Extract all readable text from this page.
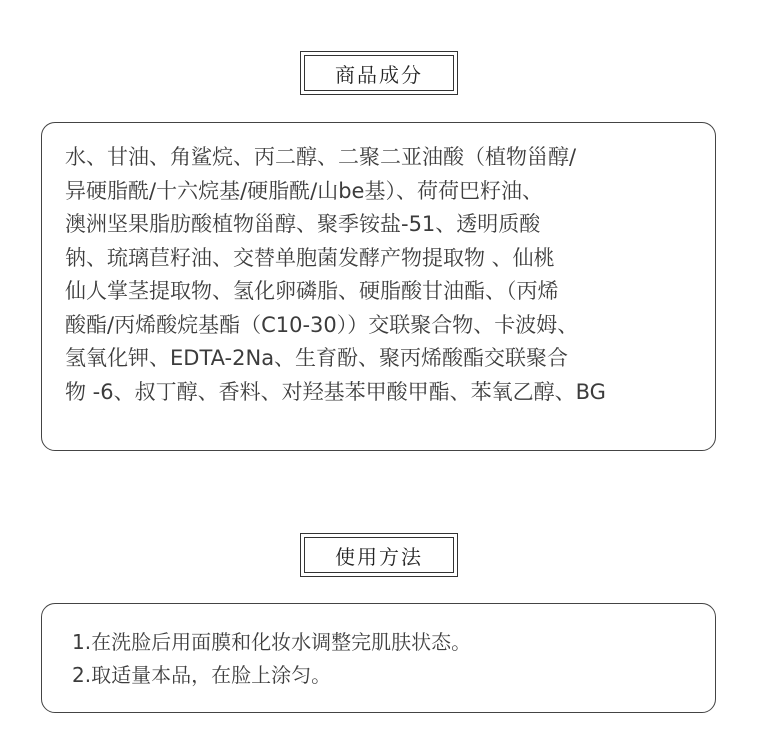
商品成分
水、甘油、角鲨烷、丙二醇、二聚二亚油酸（植物甾醇/
异硬脂酰/十六烷基/硬脂酰/山be基）、荷荷巴籽油、
澳洲坚果脂肪酸植物甾醇、聚季铵盐-51、透明质酸
钠、琉璃苣籽油、交替单胞菌发酵产物提取物 、仙桃
仙人掌茎提取物、氢化卵磷脂、硬脂酸甘油酯、（丙烯
酸酯/丙烯酸烷基酯（C10-30））交联聚合物、卡波姆、
氢氧化钾、EDTA-2Na、生育酚、聚丙烯酸酯交联聚合
物 -6、叔丁醇、香料、对羟基苯甲酸甲酯、苯氧乙醇、BG
使用方法
1.在洗脸后用面膜和化妆水调整完肌肤状态。
2.取适量本品，在脸上涂匀。
